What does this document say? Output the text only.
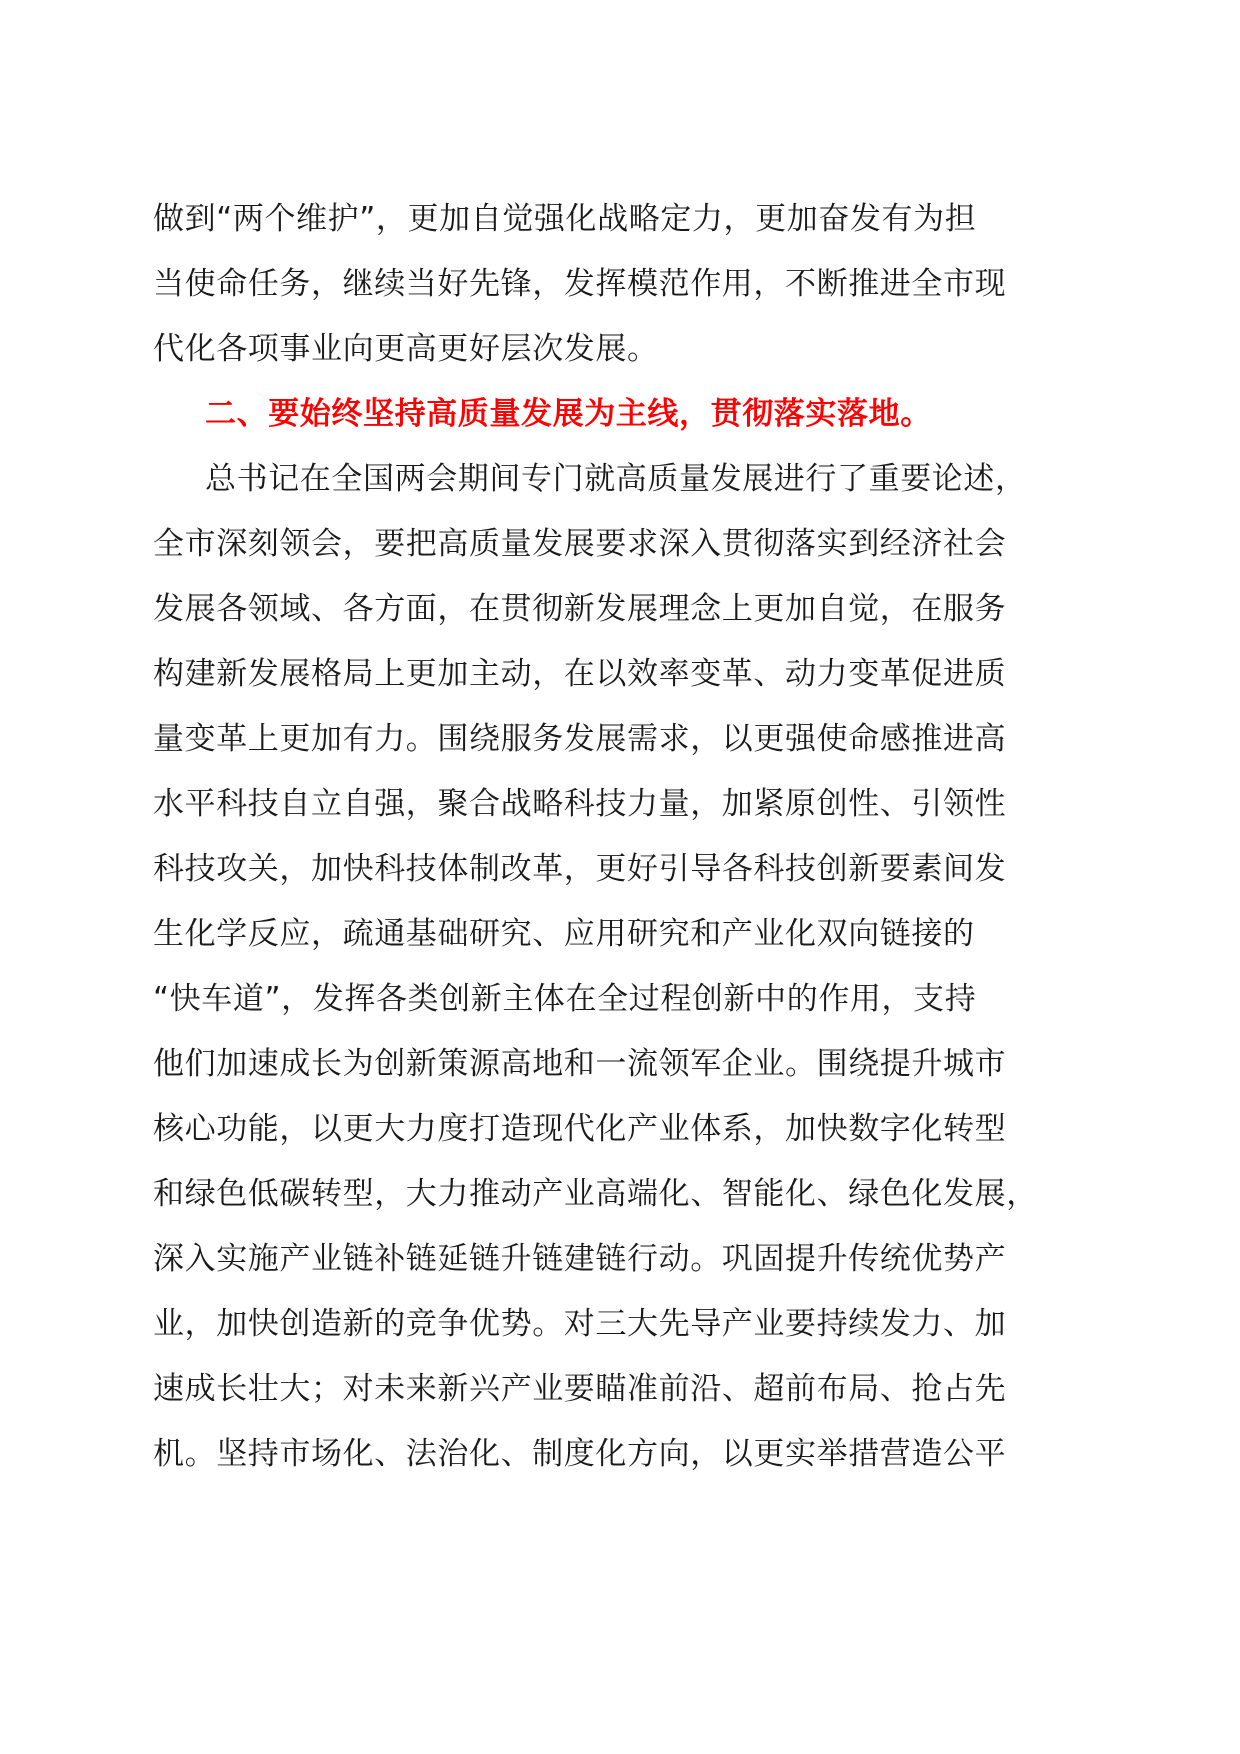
做到“两个维护”，更加自觉强化战略定力，更加奋发有为担
当使命任务，继续当好先锋，发挥模范作用，不断推进全市现
代化各项事业向更高更好层次发展。
二、要始终坚持高质量发展为主线，贯彻落实落地。
总书记在全国两会期间专门就高质量发展进行了重要论述，
全市深刻领会，要把高质量发展要求深入贯彻落实到经济社会
发展各领域、各方面，在贯彻新发展理念上更加自觉，在服务
构建新发展格局上更加主动，在以效率变革、动力变革促进质
量变革上更加有力。围绕服务发展需求，以更强使命感推进高
水平科技自立自强，聚合战略科技力量，加紧原创性、引领性
科技攻关，加快科技体制改革，更好引导各科技创新要素间发
生化学反应，疏通基础研究、应用研究和产业化双向链接的
“快车道”，发挥各类创新主体在全过程创新中的作用，支持
他们加速成长为创新策源高地和一流领军企业。围绕提升城市
核心功能，以更大力度打造现代化产业体系，加快数字化转型
和绿色低碳转型，大力推动产业高端化、智能化、绿色化发展，
深入实施产业链补链延链升链建链行动。巩固提升传统优势产
业，加快创造新的竞争优势。对三大先导产业要持续发力、加
速成长壮大；对未来新兴产业要瞄准前沿、超前布局、抢占先
机。坚持市场化、法治化、制度化方向，以更实举措营造公平
